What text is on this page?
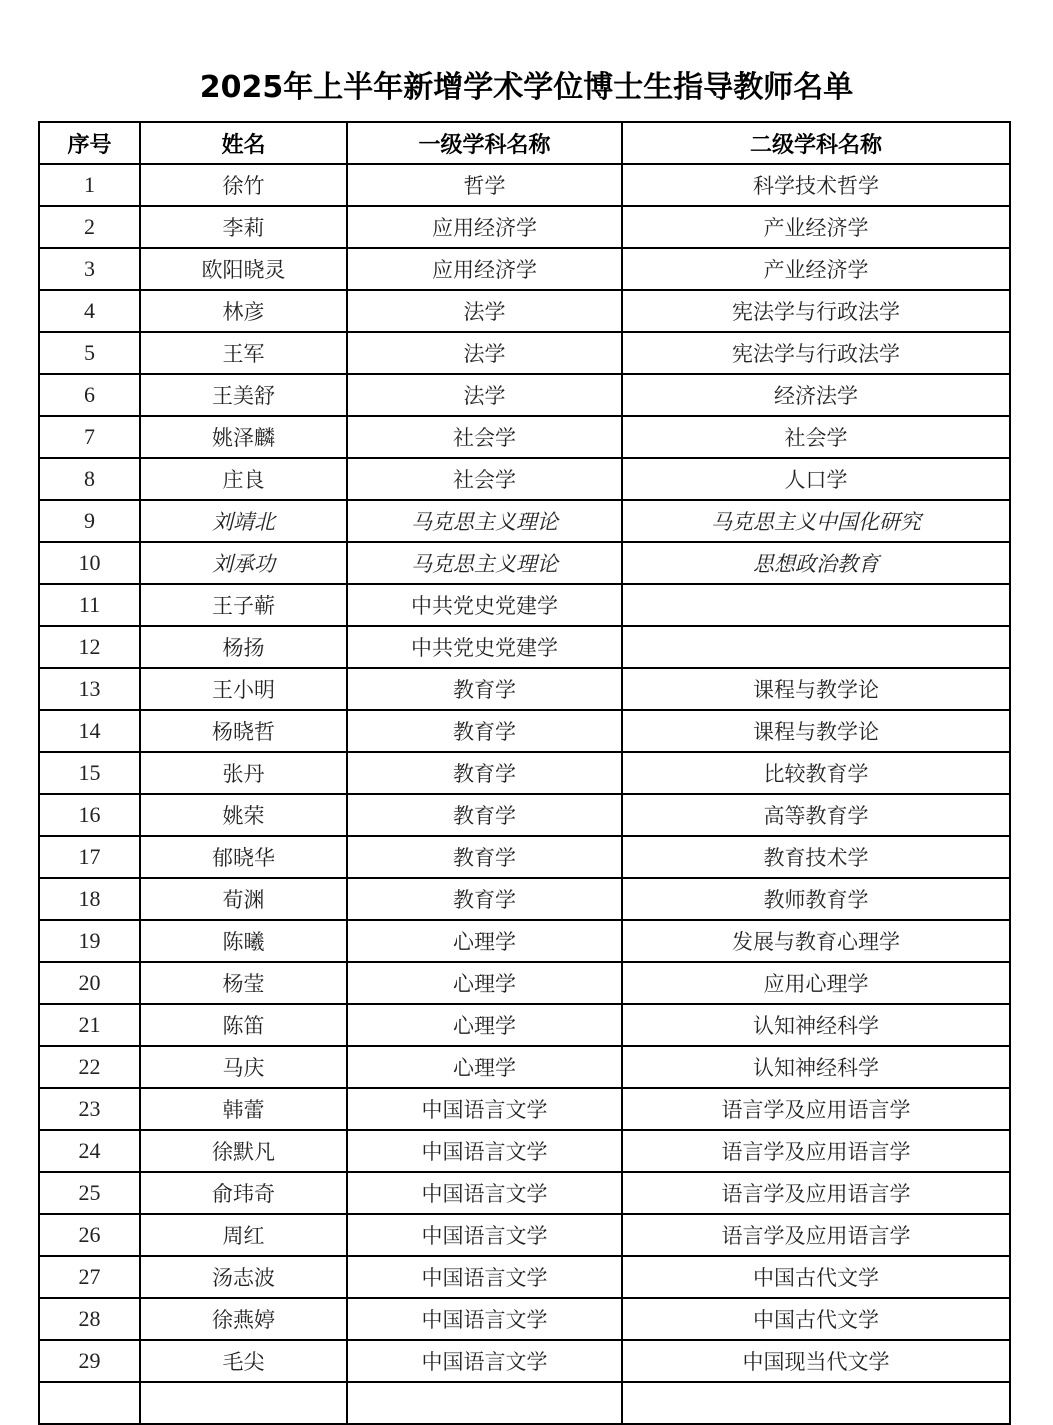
2025年上半年新增学术学位博士生指导教师名单
序号	姓名	一级学科名称	二级学科名称
1	徐竹	哲学	科学技术哲学
2	李莉	应用经济学	产业经济学
3	欧阳晓灵	应用经济学	产业经济学
4	林彦	法学	宪法学与行政法学
5	王军	法学	宪法学与行政法学
6	王美舒	法学	经济法学
7	姚泽麟	社会学	社会学
8	庄良	社会学	人口学
9	刘靖北	马克思主义理论	马克思主义中国化研究
10	刘承功	马克思主义理论	思想政治教育
11	王子蕲	中共党史党建学	
12	杨扬	中共党史党建学	
13	王小明	教育学	课程与教学论
14	杨晓哲	教育学	课程与教学论
15	张丹	教育学	比较教育学
16	姚荣	教育学	高等教育学
17	郁晓华	教育学	教育技术学
18	荀渊	教育学	教师教育学
19	陈曦	心理学	发展与教育心理学
20	杨莹	心理学	应用心理学
21	陈笛	心理学	认知神经科学
22	马庆	心理学	认知神经科学
23	韩蕾	中国语言文学	语言学及应用语言学
24	徐默凡	中国语言文学	语言学及应用语言学
25	俞玮奇	中国语言文学	语言学及应用语言学
26	周红	中国语言文学	语言学及应用语言学
27	汤志波	中国语言文学	中国古代文学
28	徐燕婷	中国语言文学	中国古代文学
29	毛尖	中国语言文学	中国现当代文学
